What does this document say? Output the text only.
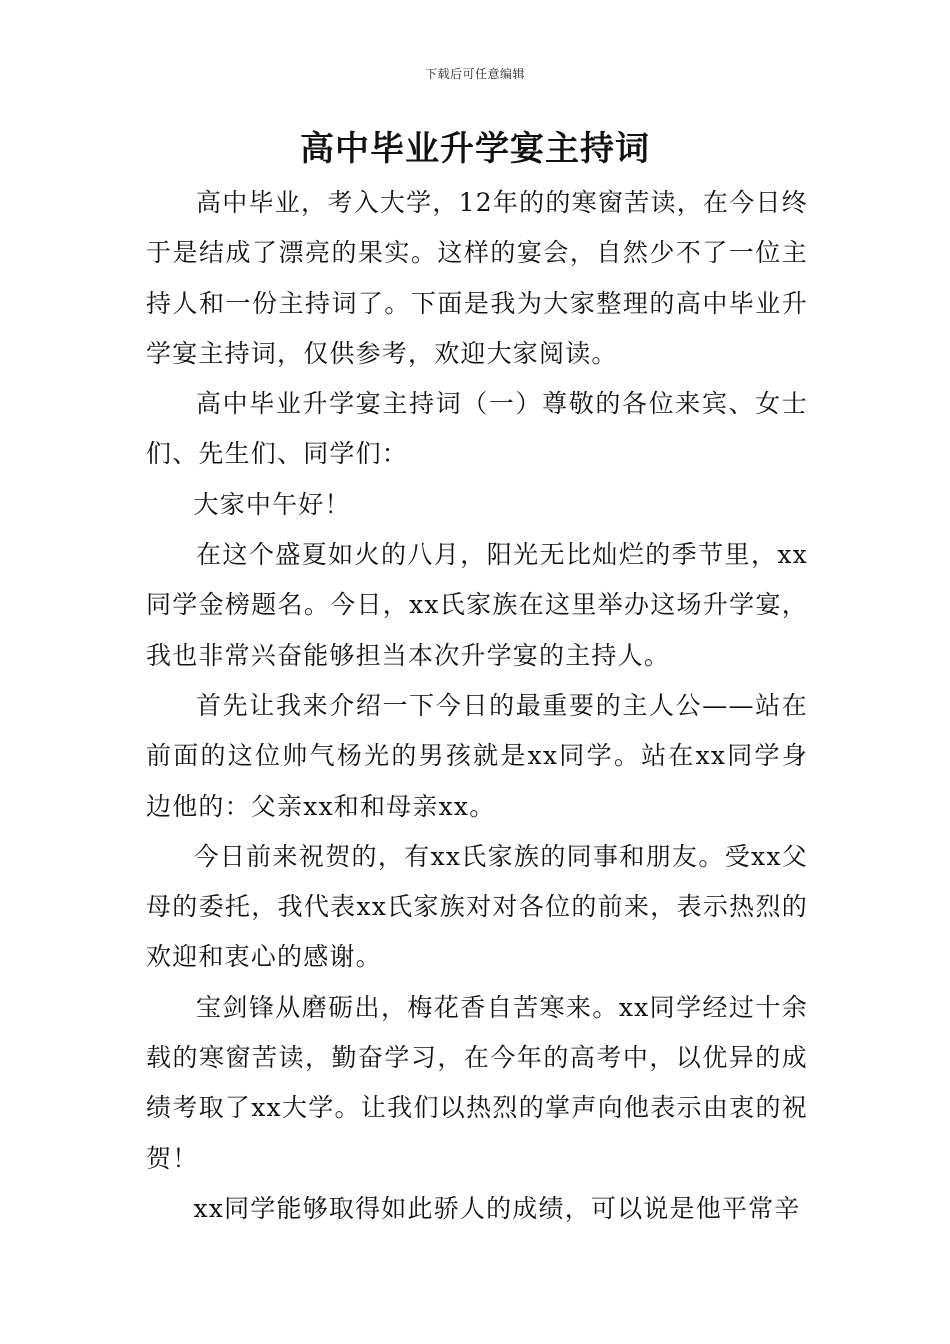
下载后可任意编辑
高中毕业升学宴主持词

高中毕业，考入大学，12年的的寒窗苦读，在今日终于是结成了漂亮的果实。这样的宴会，自然少不了一位主持人和一份主持词了。下面是我为大家整理的高中毕业升学宴主持词，仅供参考，欢迎大家阅读。

高中毕业升学宴主持词（一）尊敬的各位来宾、女士们、先生们、同学们：

大家中午好！

在这个盛夏如火的八月，阳光无比灿烂的季节里，xx同学金榜题名。今日，xx氏家族在这里举办这场升学宴，我也非常兴奋能够担当本次升学宴的主持人。

首先让我来介绍一下今日的最重要的主人公——站在前面的这位帅气杨光的男孩就是xx同学。站在xx同学身边他的：父亲xx和和母亲xx。

今日前来祝贺的，有xx氏家族的同事和朋友。受xx父母的委托，我代表xx氏家族对对各位的前来，表示热烈的欢迎和衷心的感谢。

宝剑锋从磨砺出，梅花香自苦寒来。xx同学经过十余载的寒窗苦读，勤奋学习，在今年的高考中，以优异的成绩考取了xx大学。让我们以热烈的掌声向他表示由衷的祝贺！

xx同学能够取得如此骄人的成绩，可以说是他平常辛
